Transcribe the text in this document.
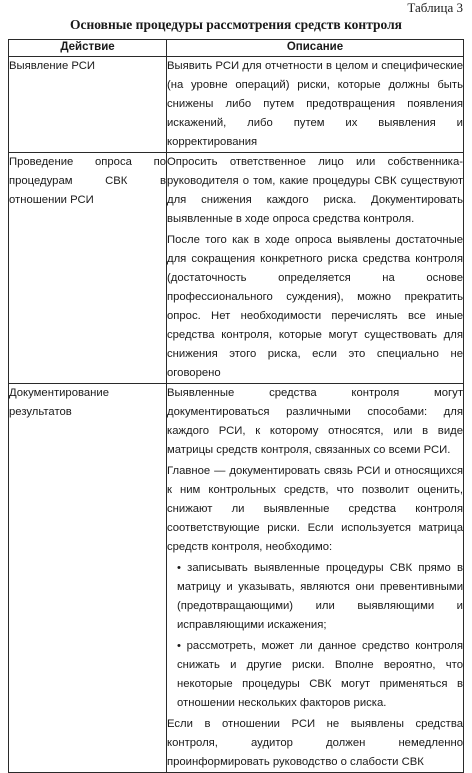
Таблица 3
Основные процедуры рассмотрения средств контроля
Действие	Описание
Выявление РСИ	Выявить РСИ для отчетности в целом и специфические (на уровне операций) риски, которые должны быть снижены либо путем предотвращения появления искажений, либо путем их выявления и корректирования

Проведение опроса по процедурам СВК в отношении РСИ	Опросить ответственное лицо или собственника-руководителя о том, какие процедуры СВК существуют для снижения каждого риска. Документировать выявленные в ходе опроса средства контроля.

После того как в ходе опроса выявлены достаточные для сокращения конкретного риска средства контроля (достаточность определяется на основе профессионального суждения), можно прекратить опрос. Нет необходимости перечислять все иные средства контроля, которые могут существовать для снижения этого риска, если это специально не оговорено

Документирование результатов	Выявленные средства контроля могут документироваться различными способами: для каждого РСИ, к которому относятся, или в виде матрицы средств контроля, связанных со всеми РСИ.

Главное — документировать связь РСИ и относящихся к ним контрольных средств, что позволит оценить, снижают ли выявленные средства контроля соответствующие риски. Если используется матрица средств контроля, необходимо:

• записывать выявленные процедуры СВК прямо в матрицу и указывать, являются они превентивными (предотвращающими) или выявляющими и исправляющими искажения;

• рассмотреть, может ли данное средство контроля снижать и другие риски. Вполне вероятно, что некоторые процедуры СВК могут применяться в отношении нескольких факторов риска.

Если в отношении РСИ не выявлены средства контроля, аудитор должен немедленно проинформировать руководство о слабости СВК
